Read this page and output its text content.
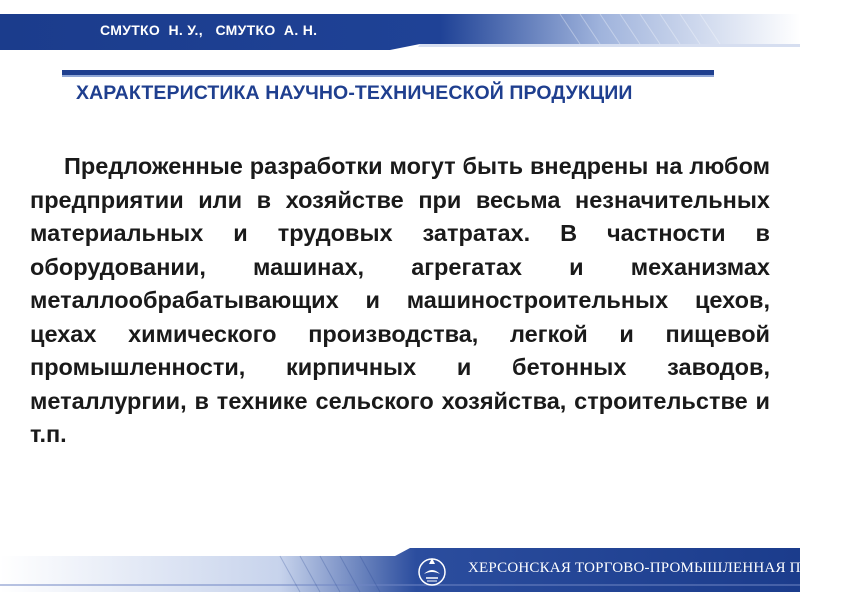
СМУТКО  Н. У.,   СМУТКО  А. Н.
ХАРАКТЕРИСТИКА НАУЧНО-ТЕХНИЧЕСКОЙ ПРОДУКЦИИ
Предложенные разработки могут быть внедрены на любом предприятии или в хозяйстве при весьма незначительных материальных и трудовых затратах. В частности в оборудовании, машинах, агрегатах и механизмах металлообрабатывающих и машиностроительных цехов, цехах химического производства, легкой и пищевой промышленности, кирпичных и бетонных заводов, металлургии, в технике сельского хозяйства, строительстве и т.п.
ХЕРСОНСКАЯ ТОРГОВО-ПРОМЫШЛЕННАЯ ПАЛАТА
